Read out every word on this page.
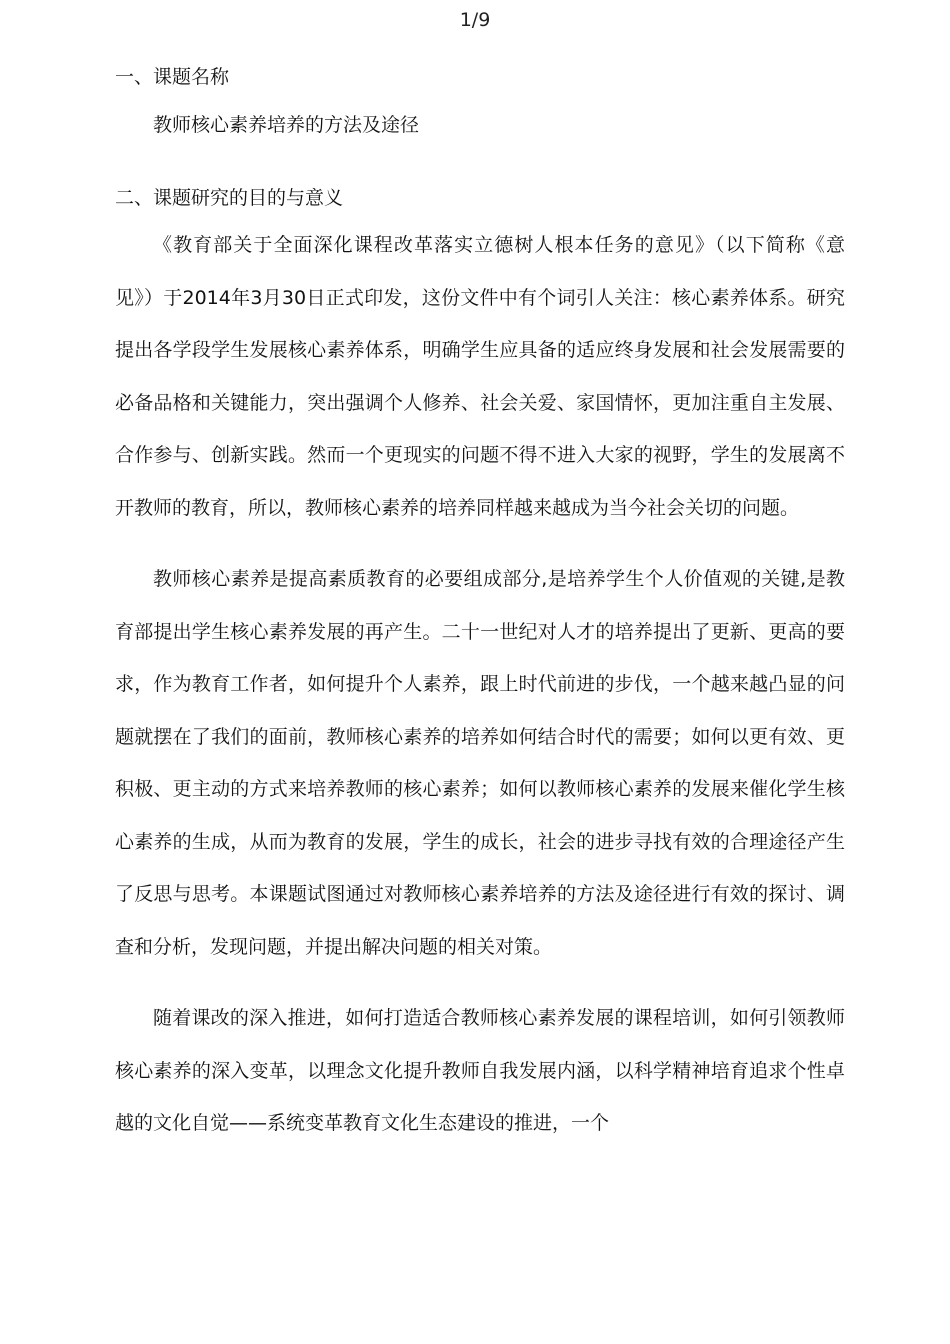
1/9

一、课题名称

教师核心素养培养的方法及途径

二、课题研究的目的与意义

《教育部关于全面深化课程改革落实立德树人根本任务的意见》（以下简称《意见》）于2014年3月30日正式印发，这份文件中有个词引人关注：核心素养体系。研究提出各学段学生发展核心素养体系，明确学生应具备的适应终身发展和社会发展需要的必备品格和关键能力，突出强调个人修养、社会关爱、家国情怀，更加注重自主发展、合作参与、创新实践。然而一个更现实的问题不得不进入大家的视野，学生的发展离不开教师的教育，所以，教师核心素养的培养同样越来越成为当今社会关切的问题。

教师核心素养是提高素质教育的必要组成部分,是培养学生个人价值观的关键,是教育部提出学生核心素养发展的再产生。二十一世纪对人才的培养提出了更新、更高的要求，作为教育工作者，如何提升个人素养，跟上时代前进的步伐，一个越来越凸显的问题就摆在了我们的面前，教师核心素养的培养如何结合时代的需要；如何以更有效、更积极、更主动的方式来培养教师的核心素养；如何以教师核心素养的发展来催化学生核心素养的生成，从而为教育的发展，学生的成长，社会的进步寻找有效的合理途径产生了反思与思考。本课题试图通过对教师核心素养培养的方法及途径进行有效的探讨、调查和分析，发现问题，并提出解决问题的相关对策。

随着课改的深入推进，如何打造适合教师核心素养发展的课程培训，如何引领教师核心素养的深入变革，以理念文化提升教师自我发展内涵，以科学精神培育追求个性卓越的文化自觉——系统变革教育文化生态建设的推进，一个
